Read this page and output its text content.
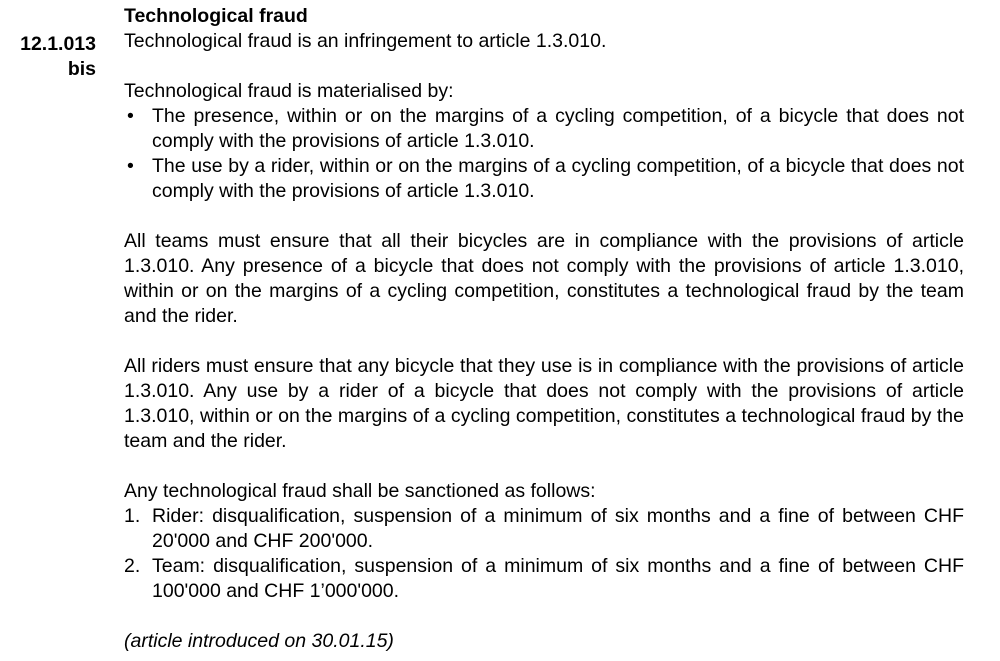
12.1.013
bis
Technological fraud

Technological fraud is an infringement to article 1.3.010.

Technological fraud is materialised by:

• The presence, within or on the margins of a cycling competition, of a bicycle that does not comply with the provisions of article 1.3.010.
• The use by a rider, within or on the margins of a cycling competition, of a bicycle that does not comply with the provisions of article 1.3.010.

All teams must ensure that all their bicycles are in compliance with the provisions of article 1.3.010. Any presence of a bicycle that does not comply with the provisions of article 1.3.010, within or on the margins of a cycling competition, constitutes a technological fraud by the team and the rider.

All riders must ensure that any bicycle that they use is in compliance with the provisions of article 1.3.010. Any use by a rider of a bicycle that does not comply with the provisions of article 1.3.010, within or on the margins of a cycling competition, constitutes a technological fraud by the team and the rider.

Any technological fraud shall be sanctioned as follows:

1. Rider: disqualification, suspension of a minimum of six months and a fine of between CHF 20'000 and CHF 200'000.
2. Team: disqualification, suspension of a minimum of six months and a fine of between CHF 100'000 and CHF 1’000'000.

(article introduced on 30.01.15)
